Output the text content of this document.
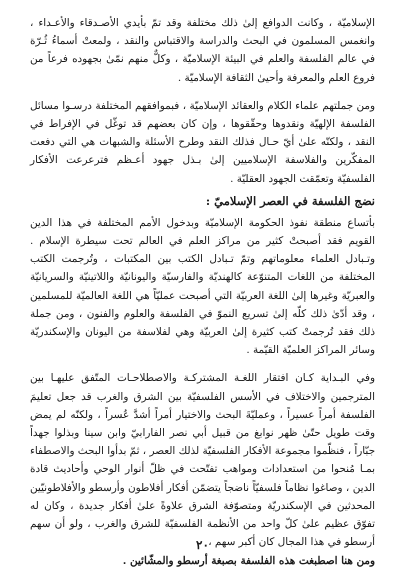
الإسلاميّة ، وكانت الدوافع إلىٰ ذلك مختلفة وقد تمّ بأيدي الأصـدقاء والأعـداء ، وانغمس المسلمون في البحث والدراسة والاقتباس والنقد ، ولمعتْ أسماءُ ثُـرّة في عالم الفلسفة والعلم في البيئة الإسلاميّة ، وكلٌّ منهم نمّىٰ بجهوده فرعاً من فروع العلم والمعرفة وأحيىٰ الثقافة الإسلاميّة .

ومن جملتهم علماء الكلام والعقائد الإسلاميّة ، فبموافقهم المختلفة درسـوا مسائل الفلسفة الإلهيّة ونقدوها وحقّقوها ، وإن كان بعضهم قد توغّل في الإفراط في النقد ، ولكنّه علىٰ أيّ حـال فذلك النقد وطرح الأسئلة والشبهات هي التي دفعت المفكّرين والفلاسفة الإسلاميين إلىٰ بـذل جهود أعـظم فترعرعت الأفكار الفلسفيّة وتعمّقت الجهود العقليّة .

نضج الفلسفة في العصر الإسلاميّ :

بأتساع منطقة نفوذ الحكومة الإسلاميّة وبدخول الأمم المختلفة في هذا الدين القويم فقد أصبحتْ كثير من مراكز العلم في العالم تحت سيطرة الإسلام . وتـبادل العلماء معلوماتهم وتمّ تـبادل الكتب بين المكتبات ، وتُرجمت الكتب المختلفة من اللغات المتنوّعة كالهنديّة والفارسيّة واليونانيّة واللاتينيّة والسريانيّة والعبريّة وغيرها إلىٰ اللغة العربيّة التي أصبحت عمليّاً هي اللغة العالميّة للمسلمين ، وقد أدّىٰ ذلك كلّه إلىٰ تسريع النموّ في الفلسفة والعلوم والفنون ، ومن جملة ذلك فقد تُرجمتْ كتب كثيرة إلىٰ العربيّة وهي لفلاسفة من اليونان والإسكندريّة وسائر المراكز العلميّة القيّمة .

وفي البـداية كـان افتقار اللغـة المشتركـة والاصطلاحـات المتّفق عليهـا بين المترجمين والاختلاف في الأسس الفلسفيّة بين الشرق والغرب قد جعل تعليمَ الفلسفة أمراً عسيراً ، وعمليّةَ البحث والاختيار أمراً أشدَّ عُسراً ، ولكنّه لم يمض وقت طويل حتّىٰ ظهر نوابغ من قبيل أبي نصر الفارابيّ وابن سينا وبذلوا جهداً جبّاراً ، فنظّموا مجموعة الأفكار الفلسفيّة لذلك العصر ، ثمّ بدأوا البحث والاصطفاء بمـا مُنحوا من استعدادات ومواهب تفتّحت في ظلّ أنوار الوحي وأحاديث قادة الدين ، وصاغوا نظاماً فلسفيّاً ناضجاً يتضمّن أفكار أفلاطون وأرسطو والأفلاطونيّين المحدثين في الإسكندريّة ومتصوّفة الشرق علاوةً علىٰ أفكار جديدة ، وكان له تفوّق عظيم علىٰ كلّ واحد من الأنظمة الفلسفيّة للشرق والغرب ، ولو أن سهم أرسطو في هذا المجال كان أكبر سهم ،

ومن هنا اصطبغت هذه الفلسفة بصبغة أرسطو والمشّائين .

٢٠
